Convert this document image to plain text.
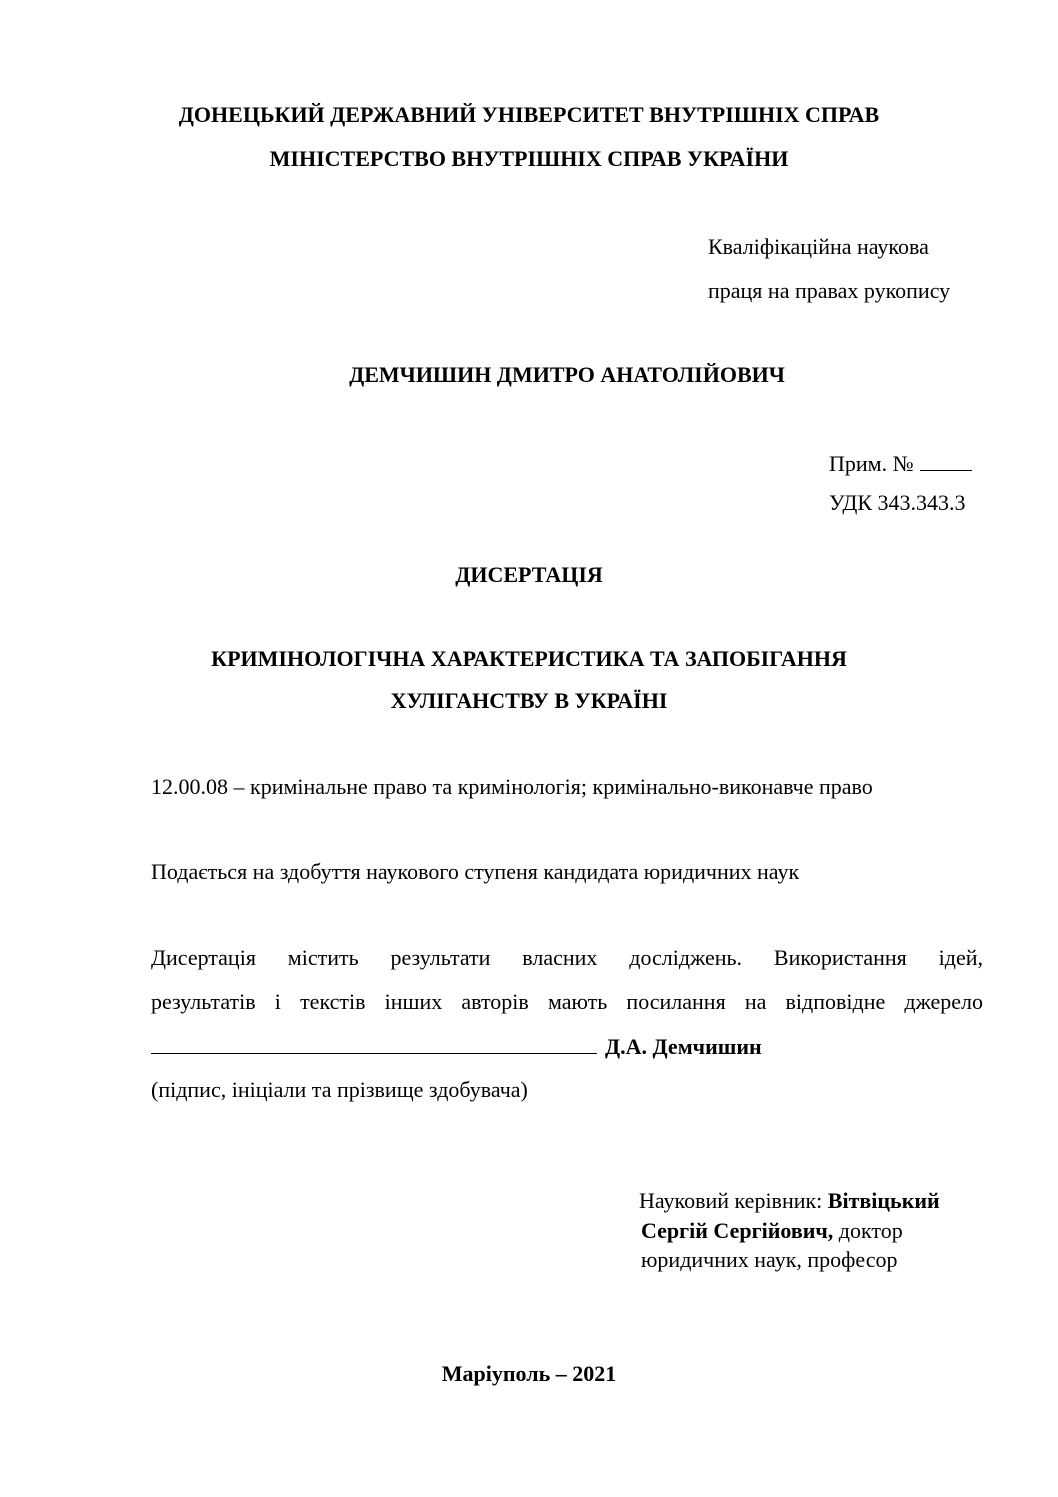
ДОНЕЦЬКИЙ ДЕРЖАВНИЙ УНІВЕРСИТЕТ ВНУТРІШНІХ СПРАВ
МІНІСТЕРСТВО ВНУТРІШНІХ СПРАВ УКРАЇНИ
Кваліфікаційна наукова
праця на правах рукопису
ДЕМЧИШИН ДМИТРО АНАТОЛІЙОВИЧ
Прим. №
УДК 343.343.3
ДИСЕРТАЦІЯ
КРИМІНОЛОГІЧНА ХАРАКТЕРИСТИКА ТА ЗАПОБІГАННЯ
ХУЛІГАНСТВУ В УКРАЇНІ
12.00.08 – кримінальне право та кримінологія; кримінально-виконавче право
Подається на здобуття наукового ступеня кандидата юридичних наук
Дисертація містить результати власних досліджень. Використання ідей,
результатів і текстів інших авторів мають посилання на відповідне джерело
Д.А. Демчишин
(підпис, ініціали та прізвище здобувача)
Науковий керівник: Вітвіцький
Сергій Сергійович, доктор
юридичних наук, професор
Маріуполь – 2021
